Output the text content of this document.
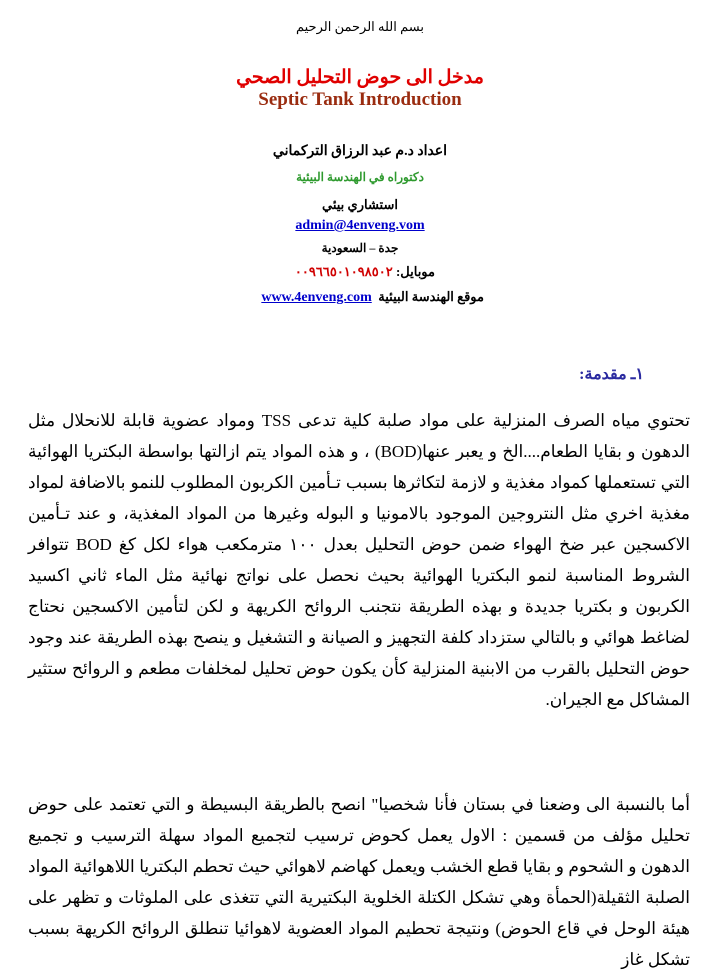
بسم الله الرحمن الرحيم
مدخل الى حوض التحليل الصحي
Septic Tank Introduction
اعداد د.م عبد الرزاق التركماني
دكتوراه في الهندسة البيئية
استشاري بيئي
admin@4enveng.vom
جدة – السعودية
موبايل: ٠٠٩٦٦٥٠١٠٩٨٥٠٢
موقع الهندسة البيئية  www.4enveng.com
١ـ مقدمة:
تحتوي مياه الصرف المنزلية على مواد صلبة كلية تدعى TSS ومواد عضوية قابلة للانحلال مثل الدهون و بقايا الطعام....الخ و يعبر عنها(BOD) ، و هذه المواد يتم ازالتها بواسطة البكتريا الهوائية التي تستعملها كمواد مغذية و لازمة لتكاثرها بسبب تـأمين الكربون المطلوب للنمو بالاضافة لمواد مغذية اخري مثل النتروجين الموجود بالامونيا و البوله وغيرها من المواد المغذية، و عند تـأمين الاكسجين عبر ضخ الهواء ضمن حوض التحليل بعدل ١٠٠ مترمكعب هواء لكل كغ BOD تتوافر الشروط المناسبة لنمو البكتريا الهوائية بحيث نحصل على نواتج نهائية مثل الماء ثاني اكسيد الكربون و بكتريا جديدة و بهذه الطريقة نتجنب الروائح الكريهة و لكن لتأمين الاكسجين نحتاج لضاغط هوائي و بالتالي ستزداد كلفة التجهيز و الصيانة و التشغيل و ينصح بهذه الطريقة عند وجود حوض التحليل بالقرب من الابنية المنزلية كأن يكون حوض تحليل لمخلفات مطعم و الروائح ستثير المشاكل مع الجيران.
أما بالنسبة الى وضعنا في بستان فأنا شخصيا" انصح بالطريقة البسيطة و التي تعتمد على حوض تحليل مؤلف من قسمين : الاول يعمل كحوض ترسيب لتجميع المواد سهلة الترسيب و تجميع الدهون و الشحوم و بقايا قطع الخشب ويعمل كهاضم لاهوائي حيث تحطم البكتريا اللاهوائية المواد الصلبة الثقيلة(الحمأة وهي تشكل الكتلة الخلوية البكتيرية التي تتغذى على الملوثات و تظهر على هيئة الوحل في قاع الحوض) ونتيجة تحطيم المواد العضوية لاهوائيا تنطلق الروائح الكريهة بسبب تشكل غاز
